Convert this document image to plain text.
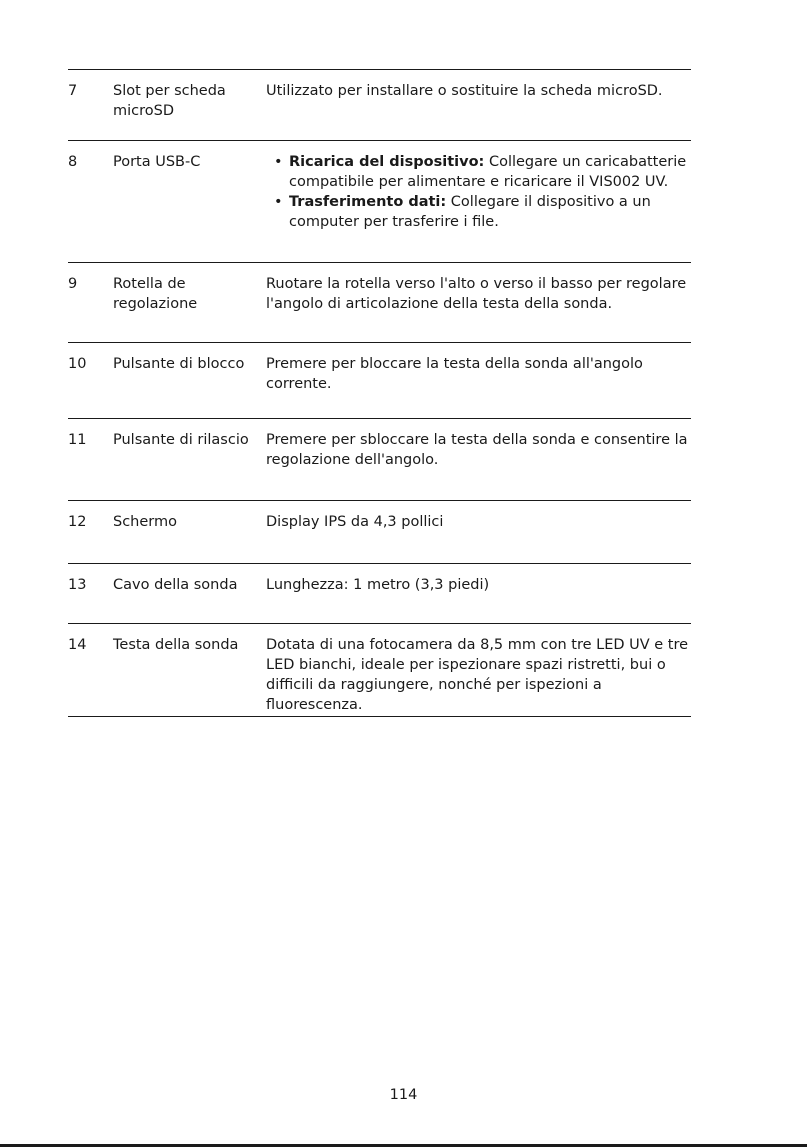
7	Slot per scheda microSD
Utilizzato per installare o sostituire la scheda microSD.
8	Porta USB-C
•	Ricarica del dispositivo: Collegare un caricabatterie compatibile per alimentare e ricaricare il VIS002 UV.
• Trasferimento dati: Collegare il dispositivo a un computer per trasferire i file.
9	Rotella de regolazione
Ruotare la rotella verso l'alto o verso il basso per regolare l'angolo di articolazione della testa della sonda.
10	Pulsante di blocco	Premere per bloccare la testa della sonda all'angolo corrente.
11	Pulsante di rilascio	Premere per sbloccare la testa della sonda e consentire la regolazione dell'angolo.
12	Schermo	Display IPS da 4,3 pollici
13	Cavo della sonda	Lunghezza: 1 metro (3,3 piedi)
14	Testa della sonda	Dotata di una fotocamera da 8,5 mm con tre LED UV e tre LED bianchi, ideale per ispezionare spazi ristretti, bui o difficili da raggiungere, nonché per ispezioni a fluorescenza.
114
